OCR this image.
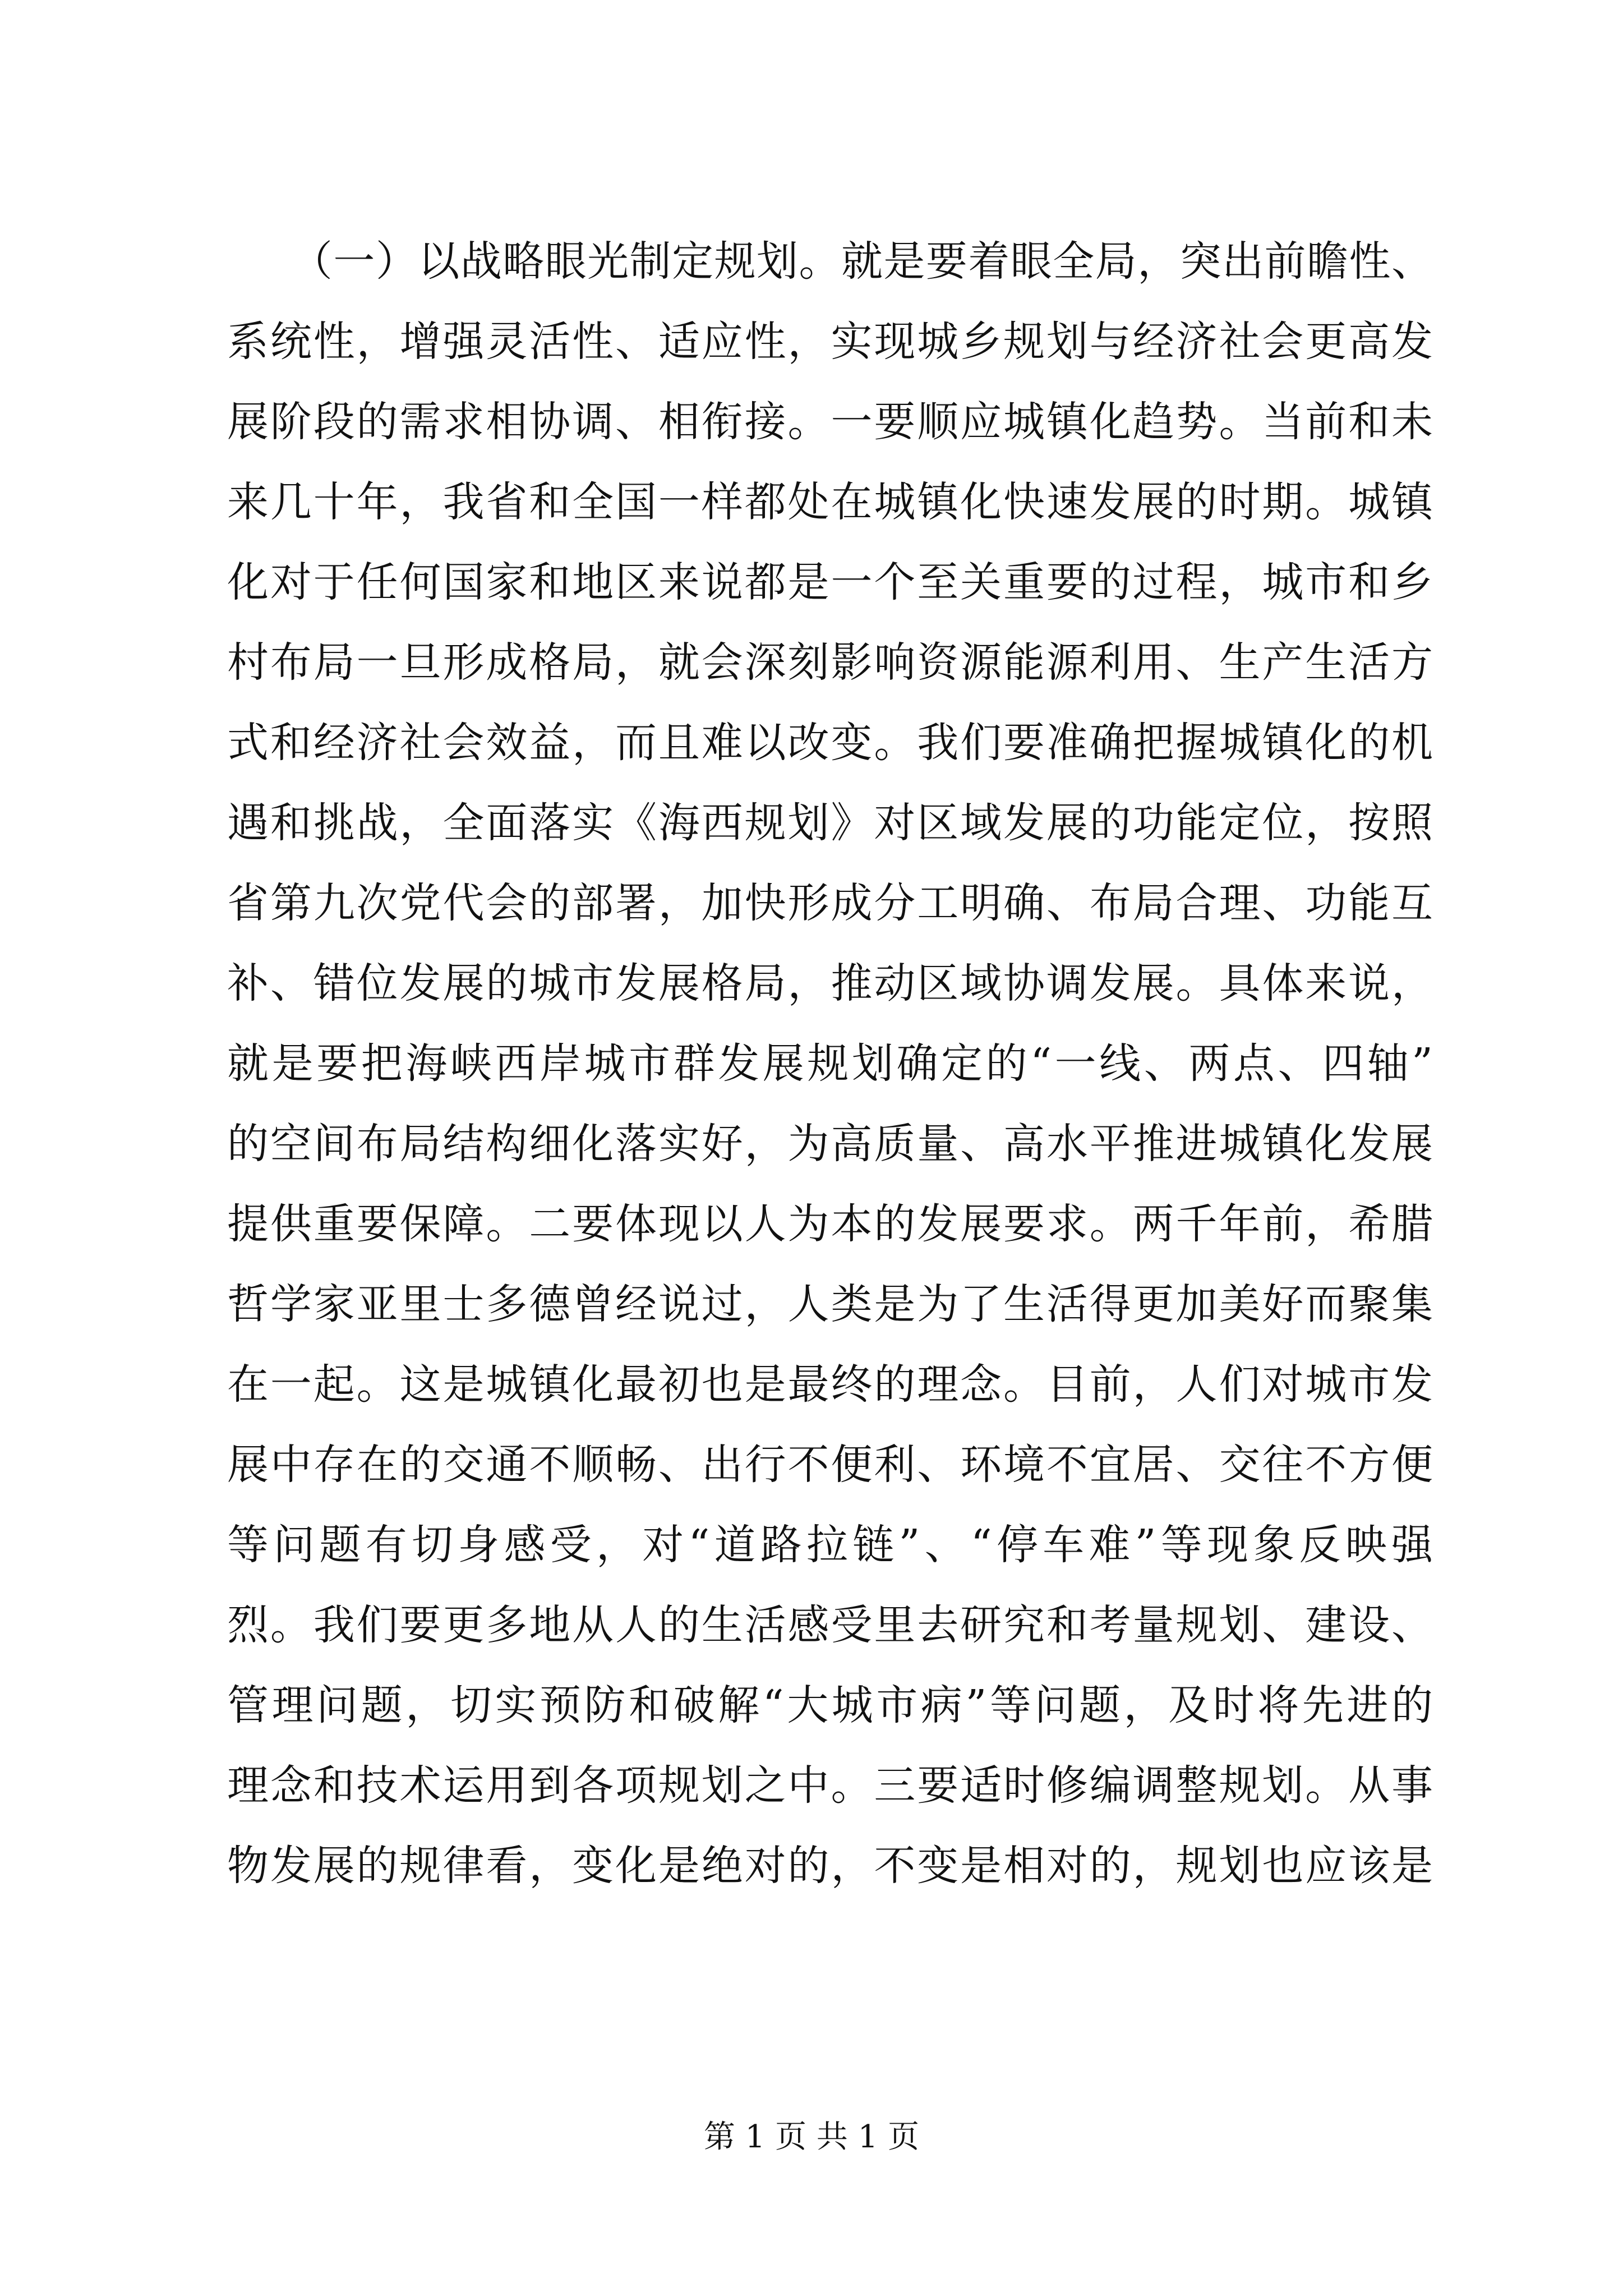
　　（一）以战略眼光制定规划。就是要着眼全局，突出前瞻性、
系统性，增强灵活性、适应性，实现城乡规划与经济社会更高发
展阶段的需求相协调、相衔接。一要顺应城镇化趋势。当前和未
来几十年，我省和全国一样都处在城镇化快速发展的时期。城镇
化对于任何国家和地区来说都是一个至关重要的过程，城市和乡
村布局一旦形成格局，就会深刻影响资源能源利用、生产生活方
式和经济社会效益，而且难以改变。我们要准确把握城镇化的机
遇和挑战，全面落实《海西规划》对区域发展的功能定位，按照
省第九次党代会的部署，加快形成分工明确、布局合理、功能互
补、错位发展的城市发展格局，推动区域协调发展。具体来说，
就是要把海峡西岸城市群发展规划确定的“一线、两点、四轴”
的空间布局结构细化落实好，为高质量、高水平推进城镇化发展
提供重要保障。二要体现以人为本的发展要求。两千年前，希腊
哲学家亚里士多德曾经说过，人类是为了生活得更加美好而聚集
在一起。这是城镇化最初也是最终的理念。目前，人们对城市发
展中存在的交通不顺畅、出行不便利、环境不宜居、交往不方便
等问题有切身感受，对“道路拉链”、“停车难”等现象反映强
烈。我们要更多地从人的生活感受里去研究和考量规划、建设、
管理问题，切实预防和破解“大城市病”等问题，及时将先进的
理念和技术运用到各项规划之中。三要适时修编调整规划。从事
物发展的规律看，变化是绝对的，不变是相对的，规划也应该是
第 1 页 共 1 页
